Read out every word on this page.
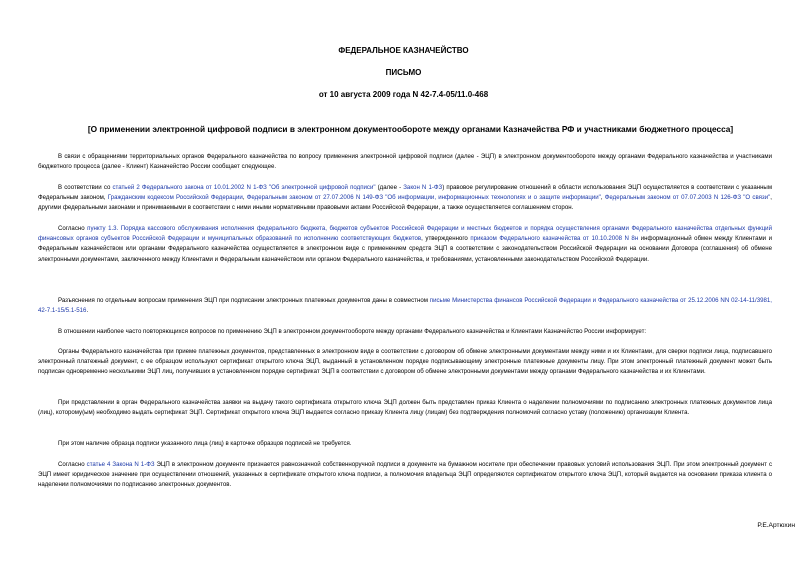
ФЕДЕРАЛЬНОЕ КАЗНАЧЕЙСТВО
ПИСЬМО
от 10 августа 2009 года N 42-7.4-05/11.0-468
[О применении электронной цифровой подписи в электронном документообороте между органами Казначейства РФ и участниками бюджетного процесса]
В связи с обращениями территориальных органов Федерального казначейства по вопросу применения электронной цифровой подписи (далее - ЭЦП) в электронном документообороте между органами Федерального казначейства и участниками бюджетного процесса (далее - Клиент) Казначейство России сообщает следующее.
В соответствии со статьей 2 Федерального закона от 10.01.2002 N 1-ФЗ "Об электронной цифровой подписи" (далее - Закон N 1-ФЗ) правовое регулирование отношений в области использования ЭЦП осуществляется в соответствии с указанным Федеральным законом, Гражданским кодексом Российской Федерации, Федеральным законом от 27.07.2006 N 149-ФЗ "Об информации, информационных технологиях и о защите информации", Федеральным законом от 07.07.2003 N 126-ФЗ "О связи", другими федеральными законами и принимаемыми в соответствии с ними иными нормативными правовыми актами Российской Федерации, а также осуществляется соглашением сторон.
Согласно пункту 1.3. Порядка кассового обслуживания исполнения федерального бюджета, бюджетов субъектов Российской Федерации и местных бюджетов и порядка осуществления органами Федерального казначейства отдельных функций финансовых органов субъектов Российской Федерации и муниципальных образований по исполнению соответствующих бюджетов, утвержденного приказом Федерального казначейства от 10.10.2008 N 8н информационный обмен между Клиентами и Федеральным казначейством или органами Федерального казначейства осуществляется в электронном виде с применением средств ЭЦП в соответствии с законодательством Российской Федерации на основании Договора (соглашения) об обмене электронными документами, заключенного между Клиентами и Федеральным казначейством или органом Федерального казначейства, и требованиями, установленными законодательством Российской Федерации.
Разъяснения по отдельным вопросам применения ЭЦП при подписании электронных платежных документов даны в совместном письме Министерства финансов Российской Федерации и Федерального казначейства от 25.12.2006 NN 02-14-11/3981, 42-7.1-15/5.1-516.
В отношении наиболее часто повторяющихся вопросов по применению ЭЦП в электронном документообороте между органами Федерального казначейства и Клиентами Казначейство России информирует:
Органы Федерального казначейства при приеме платежных документов, представленных в электронном виде в соответствии с договором об обмене электронными документами между ними и их Клиентами, для сверки подписи лица, подписавшего электронный платежный документ, с ее образцом используют сертификат открытого ключа ЭЦП, выданный в установленном порядке подписывающему электронные платежные документы лицу. При этом электронный платежный документ может быть подписан одновременно несколькими ЭЦП лиц, получивших в установленном порядке сертификат ЭЦП в соответствии с договором об обмене электронными документами между органами Федерального казначейства и их Клиентами.
При представлении в орган Федерального казначейства заявки на выдачу такого сертификата открытого ключа ЭЦП должен быть представлен приказ Клиента о наделении полномочиями по подписанию электронных платежных документов лица (лиц), которому(ым) необходимо выдать сертификат ЭЦП. Сертификат открытого ключа ЭЦП выдается согласно приказу Клиента лицу (лицам) без подтверждения полномочий согласно уставу (положению) организации Клиента.
При этом наличие образца подписи указанного лица (лиц) в карточке образцов подписей не требуется.
Согласно статье 4 Закона N 1-ФЗ ЭЦП в электронном документе признается равнозначной собственноручной подписи в документе на бумажном носителе при обеспечении правовых условий использования ЭЦП. При этом электронный документ с ЭЦП имеет юридическое значение при осуществлении отношений, указанных в сертификате открытого ключа подписи, а полномочия владельца ЭЦП определяются сертификатом открытого ключа ЭЦП, который выдается на основании приказа клиента о наделении полномочиями по подписанию электронных документов.
Р.Е.Артюхин
